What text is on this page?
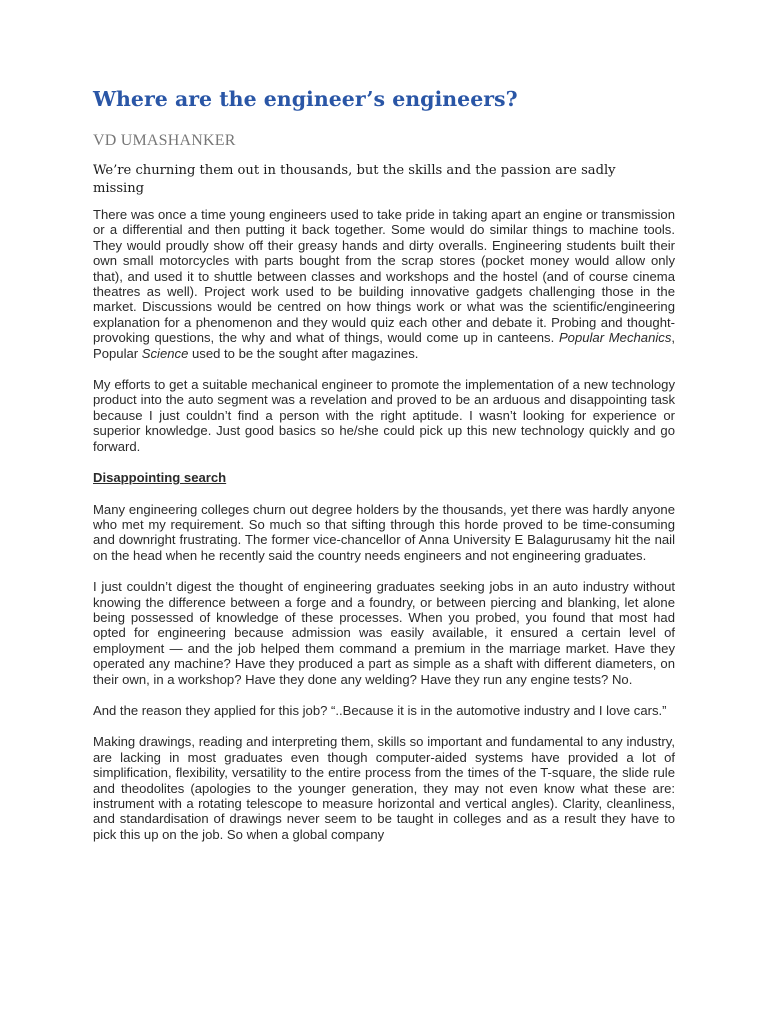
Where are the engineer’s engineers?
VD UMASHANKER
We’re churning them out in thousands, but the skills and the passion are sadly missing

There was once a time young engineers used to take pride in taking apart an engine or transmission or a differential and then putting it back together. Some would do similar things to machine tools. They would proudly show off their greasy hands and dirty overalls. Engineering students built their own small motorcycles with parts bought from the scrap stores (pocket money would allow only that), and used it to shuttle between classes and workshops and the hostel (and of course cinema theatres as well). Project work used to be building innovative gadgets challenging those in the market. Discussions would be centred on how things work or what was the scientific/engineering explanation for a phenomenon and they would quiz each other and debate it. Probing and thought-provoking questions, the why and what of things, would come up in canteens. Popular Mechanics, Popular Science used to be the sought after magazines.

My efforts to get a suitable mechanical engineer to promote the implementation of a new technology product into the auto segment was a revelation and proved to be an arduous and disappointing task because I just couldn’t find a person with the right aptitude. I wasn’t looking for experience or superior knowledge. Just good basics so he/she could pick up this new technology quickly and go forward.

Disappointing search

Many engineering colleges churn out degree holders by the thousands, yet there was hardly anyone who met my requirement. So much so that sifting through this horde proved to be time-consuming and downright frustrating. The former vice-chancellor of Anna University E Balagurusamy hit the nail on the head when he recently said the country needs engineers and not engineering graduates.

I just couldn’t digest the thought of engineering graduates seeking jobs in an auto industry without knowing the difference between a forge and a foundry, or between piercing and blanking, let alone being possessed of knowledge of these processes. When you probed, you found that most had opted for engineering because admission was easily available, it ensured a certain level of employment — and the job helped them command a premium in the marriage market. Have they operated any machine? Have they produced a part as simple as a shaft with different diameters, on their own, in a workshop? Have they done any welding? Have they run any engine tests? No.

And the reason they applied for this job? “..Because it is in the automotive industry and I love cars.”

Making drawings, reading and interpreting them, skills so important and fundamental to any industry, are lacking in most graduates even though computer-aided systems have provided a lot of simplification, flexibility, versatility to the entire process from the times of the T-square, the slide rule and theodolites (apologies to the younger generation, they may not even know what these are: instrument with a rotating telescope to measure horizontal and vertical angles). Clarity, cleanliness, and standardisation of drawings never seem to be taught in colleges and as a result they have to pick this up on the job. So when a global company
